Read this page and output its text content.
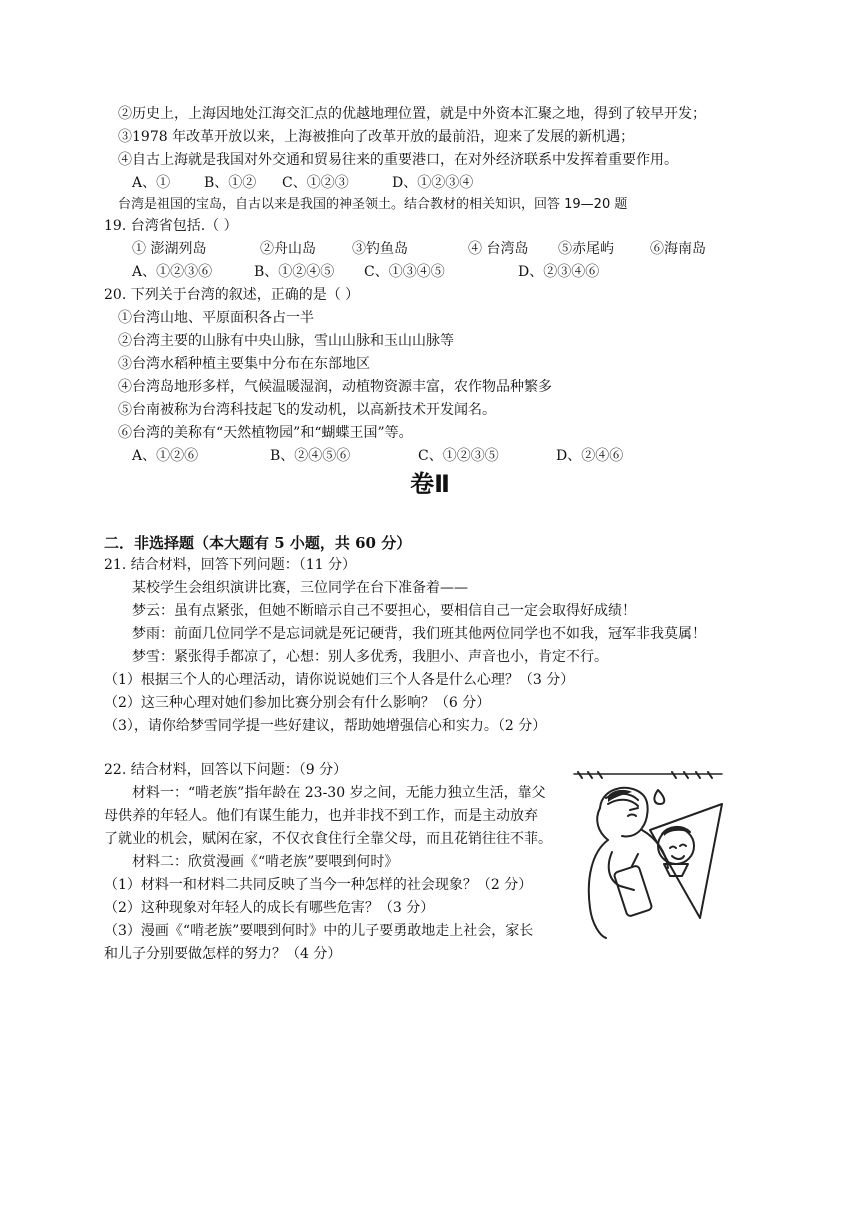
②历史上，上海因地处江海交汇点的优越地理位置，就是中外资本汇聚之地，得到了较早开发；
③1978 年改革开放以来，上海被推向了改革开放的最前沿，迎来了发展的新机遇；
④自古上海就是我国对外交通和贸易往来的重要港口，在对外经济联系中发挥着重要作用。
A、① B、①② C、①②③	D、①②③④
台湾是祖国的宝岛，自古以来是我国的神圣领土。结合教材的相关知识，回答 19—20 题
19. 台湾省包括.（ ）
① 澎湖列岛	②舟山岛	③钓鱼岛	④ 台湾岛 ⑤赤尾屿	⑥海南岛
A、①②③⑥	B、①②④⑤ C、①③④⑤	D、②③④⑥
20. 下列关于台湾的叙述，正确的是（ ）
①台湾山地、平原面积各占一半
②台湾主要的山脉有中央山脉，雪山山脉和玉山山脉等
③台湾水稻种植主要集中分布在东部地区
④台湾岛地形多样，气候温暖湿润，动植物资源丰富，农作物品种繁多
⑤台南被称为台湾科技起飞的发动机，以高新技术开发闻名。
⑥台湾的美称有“天然植物园”和“蝴蝶王国”等。
A、①②⑥	B、②④⑤⑥	C、①②③⑤	D、②④⑥
卷Ⅱ
二．非选择题（本大题有 5 小题，共 60 分）
21. 结合材料，回答下列问题：（11 分）
某校学生会组织演讲比赛，三位同学在台下准备着——
梦云：虽有点紧张，但她不断暗示自己不要担心，要相信自己一定会取得好成绩！
梦雨：前面几位同学不是忘词就是死记硬背，我们班其他两位同学也不如我，冠军非我莫属！
梦雪：紧张得手都凉了，心想：别人多优秀，我胆小、声音也小，肯定不行。
（1）根据三个人的心理活动，请你说说她们三个人各是什么心理？（3 分）
（2）这三种心理对她们参加比赛分别会有什么影响？（6 分）
（3），请你给梦雪同学提一些好建议，帮助她增强信心和实力。（2 分）
22. 结合材料，回答以下问题：（9 分）
材料一：“啃老族”指年龄在 23-30 岁之间，无能力独立生活，靠父
母供养的年轻人。他们有谋生能力，也并非找不到工作，而是主动放弃
了就业的机会，赋闲在家，不仅衣食住行全靠父母，而且花销往往不菲。
材料二：欣赏漫画《“啃老族”要喂到何时》
（1）材料一和材料二共同反映了当今一种怎样的社会现象？（2 分）
（2）这种现象对年轻人的成长有哪些危害？（3 分）
（3）漫画《“啃老族”要喂到何时》中的儿子要勇敢地走上社会，家长
和儿子分别要做怎样的努力？（4 分）
